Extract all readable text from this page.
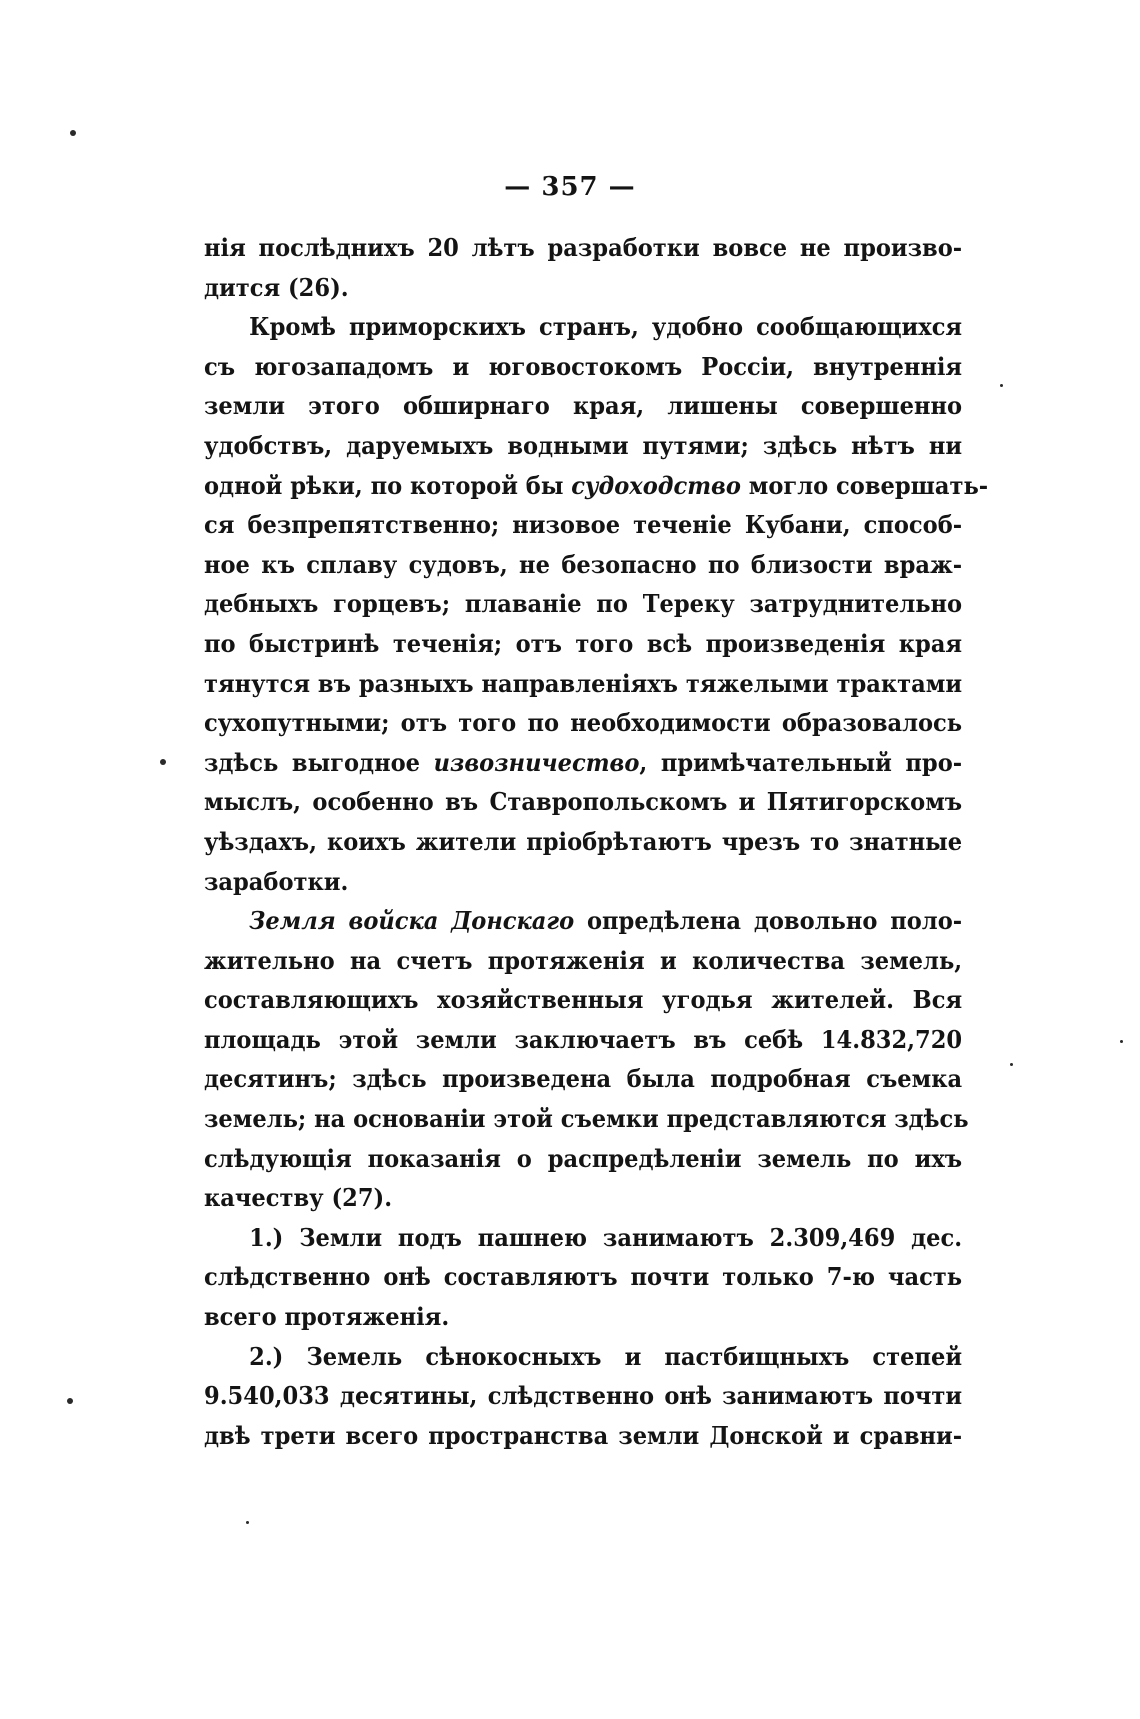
— 357 —
нія послѣднихъ 20 лѣтъ разработки вовсе не произво-
дится (26).
Кромѣ приморскихъ странъ, удобно сообщающихся
съ югозападомъ и юговостокомъ Россіи, внутреннія
земли этого обширнаго края, лишены совершенно
удобствъ, даруемыхъ водными путями; здѣсь нѣтъ ни
одной рѣки, по которой бы судоходство могло совершать-
ся безпрепятственно; низовое теченіе Кубани, способ-
ное къ сплаву судовъ, не безопасно по близости враж-
дебныхъ горцевъ; плаваніе по Тереку затруднительно
по быстринѣ теченія; отъ того всѣ произведенія края
тянутся въ разныхъ направленіяхъ тяжелыми трактами
сухопутными; отъ того по необходимости образовалось
здѣсь выгодное извозничество, примѣчательный про-
мыслъ, особенно въ Ставропольскомъ и Пятигорскомъ
уѣздахъ, коихъ жители пріобрѣтаютъ чрезъ то знатные
заработки.
Земля войска Донскаго опредѣлена довольно поло-
жительно на счетъ протяженія и количества земель,
составляющихъ хозяйственныя угодья жителей. Вся
площадь этой земли заключаетъ въ себѣ 14.832,720
десятинъ; здѣсь произведена была подробная съемка
земель; на основаніи этой съемки представляются здѣсь
слѣдующія показанія о распредѣленіи земель по ихъ
качеству (27).
1.) Земли подъ пашнею занимаютъ 2.309,469 дес.
слѣдственно онѣ составляютъ почти только 7-ю часть
всего протяженія.
2.) Земель сѣнокосныхъ и пастбищныхъ степей
9.540,033 десятины, слѣдственно онѣ занимаютъ почти
двѣ трети всего пространства земли Донской и сравни-
